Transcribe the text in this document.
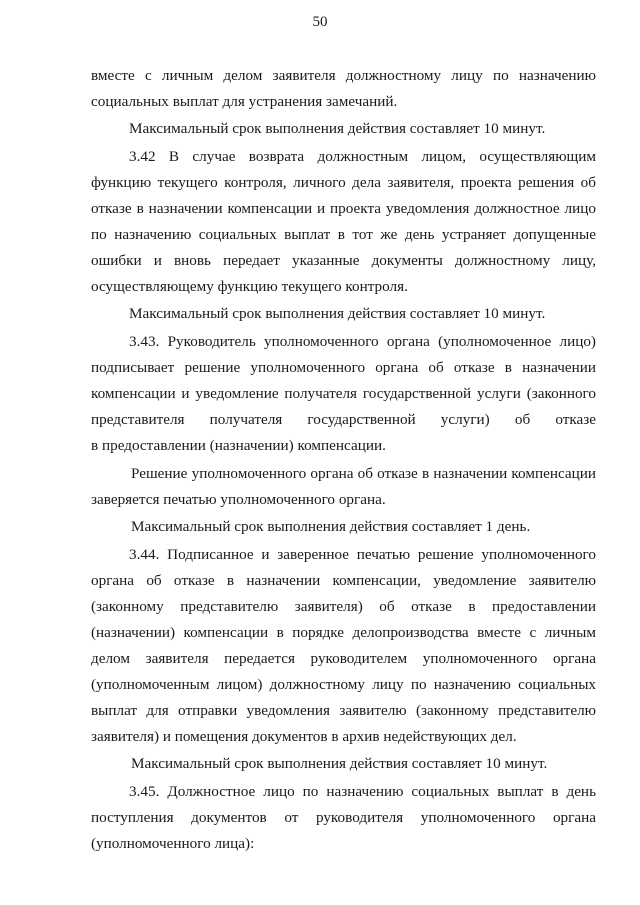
50
вместе с личным делом заявителя должностному лицу по назначению
социальных выплат для устранения замечаний.
Максимальный срок выполнения действия составляет 10 минут.
3.42 В случае возврата должностным лицом, осуществляющим
функцию текущего контроля, личного дела заявителя, проекта решения об
отказе в назначении компенсации и проекта уведомления должностное лицо
по назначению социальных выплат в тот же день устраняет допущенные
ошибки и вновь передает указанные документы должностному лицу,
осуществляющему функцию текущего контроля.
Максимальный срок выполнения действия составляет 10 минут.
3.43. Руководитель уполномоченного органа (уполномоченное лицо)
подписывает решение уполномоченного органа об отказе в назначении
компенсации и уведомление получателя государственной услуги (законного
представителя получателя государственной услуги) об отказе
в предоставлении (назначении) компенсации.
Решение уполномоченного органа об отказе в назначении компенсации
заверяется печатью уполномоченного органа.
Максимальный срок выполнения действия составляет 1 день.
3.44. Подписанное и заверенное печатью решение уполномоченного
органа об отказе в назначении компенсации, уведомление заявителю
(законному представителю заявителя) об отказе в предоставлении
(назначении) компенсации в порядке делопроизводства вместе с личным
делом заявителя передается руководителем уполномоченного органа
(уполномоченным лицом) должностному лицу по назначению социальных
выплат для отправки уведомления заявителю (законному представителю
заявителя) и помещения документов в архив недействующих дел.
Максимальный срок выполнения действия составляет 10 минут.
3.45. Должностное лицо по назначению социальных выплат в день
поступления документов от руководителя уполномоченного органа
(уполномоченного лица):
